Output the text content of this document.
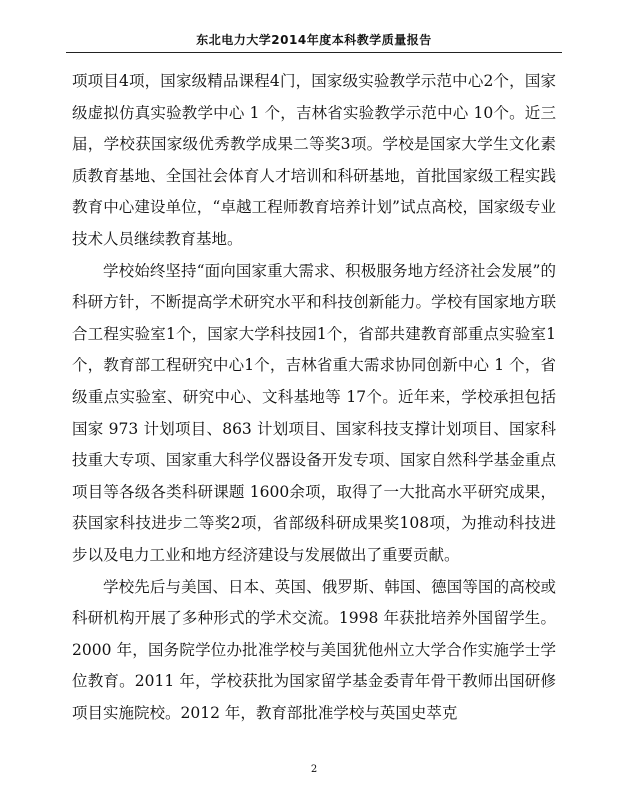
东北电力大学2014年度本科教学质量报告

项项目4项，国家级精品课程4门，国家级实验教学示范中心2个，国家级虚拟仿真实验教学中心 1 个，吉林省实验教学示范中心 10个。近三届，学校获国家级优秀教学成果二等奖3项。学校是国家大学生文化素质教育基地、全国社会体育人才培训和科研基地，首批国家级工程实践教育中心建设单位，“卓越工程师教育培养计划”试点高校，国家级专业技术人员继续教育基地。

学校始终坚持“面向国家重大需求、积极服务地方经济社会发展”的科研方针，不断提高学术研究水平和科技创新能力。学校有国家地方联合工程实验室1个，国家大学科技园1个，省部共建教育部重点实验室1个，教育部工程研究中心1个，吉林省重大需求协同创新中心 1 个，省级重点实验室、研究中心、文科基地等 17个。近年来，学校承担包括国家 973 计划项目、863 计划项目、国家科技支撑计划项目、国家科技重大专项、国家重大科学仪器设备开发专项、国家自然科学基金重点项目等各级各类科研课题 1600余项，取得了一大批高水平研究成果，获国家科技进步二等奖2项，省部级科研成果奖108项，为推动科技进步以及电力工业和地方经济建设与发展做出了重要贡献。

学校先后与美国、日本、英国、俄罗斯、韩国、德国等国的高校或科研机构开展了多种形式的学术交流。1998 年获批培养外国留学生。2000 年，国务院学位办批准学校与美国犹他州立大学合作实施学士学位教育。2011 年，学校获批为国家留学基金委青年骨干教师出国研修项目实施院校。2012 年，教育部批准学校与英国史萃克

2
